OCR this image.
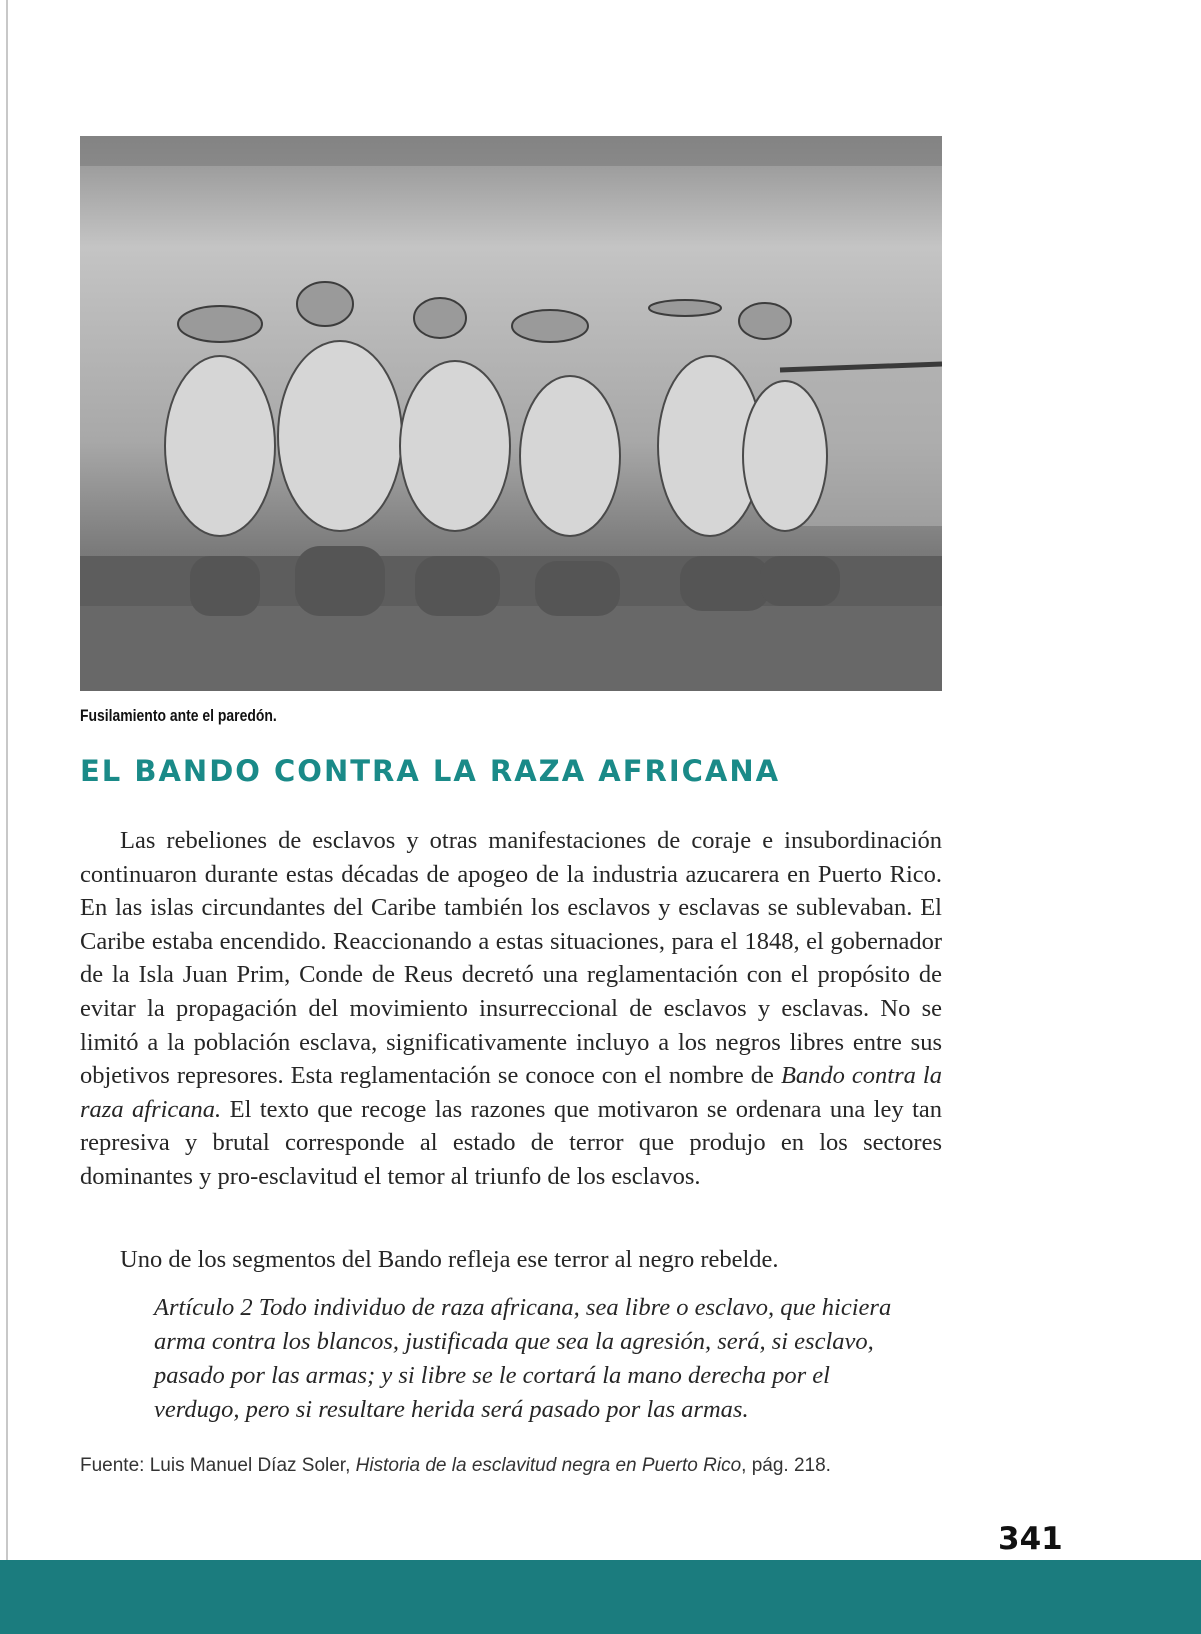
Fusilamiento ante el paredón.
EL BANDO CONTRA LA RAZA AFRICANA

Las rebeliones de esclavos y otras manifestaciones de coraje e insubordinación continuaron durante estas décadas de apogeo de la industria azucarera en Puerto Rico. En las islas circundantes del Caribe también los esclavos y esclavas se sublevaban. El Caribe estaba encendido. Reaccionando a estas situaciones, para el 1848, el gobernador de la Isla Juan Prim, Conde de Reus decretó una reglamentación con el propósito de evitar la propagación del movimiento insurreccional de esclavos y esclavas. No se limitó a la población esclava, significativamente incluyo a los negros libres entre sus objetivos represores. Esta reglamentación se conoce con el nombre de Bando contra la raza africana. El texto que recoge las razones que motivaron se ordenara una ley tan represiva y brutal corresponde al estado de terror que produjo en los sectores dominantes y pro-esclavitud el temor al triunfo de los esclavos.

Uno de los segmentos del Bando refleja ese terror al negro rebelde.

Artículo 2 Todo individuo de raza africana, sea libre o esclavo, que hiciera arma contra los blancos, justificada que sea la agresión, será, si esclavo, pasado por las armas; y si libre se le cortará la mano derecha por el verdugo, pero si resultare herida será pasado por las armas.

Fuente: Luis Manuel Díaz Soler, Historia de la esclavitud negra en Puerto Rico, pág. 218.

341
